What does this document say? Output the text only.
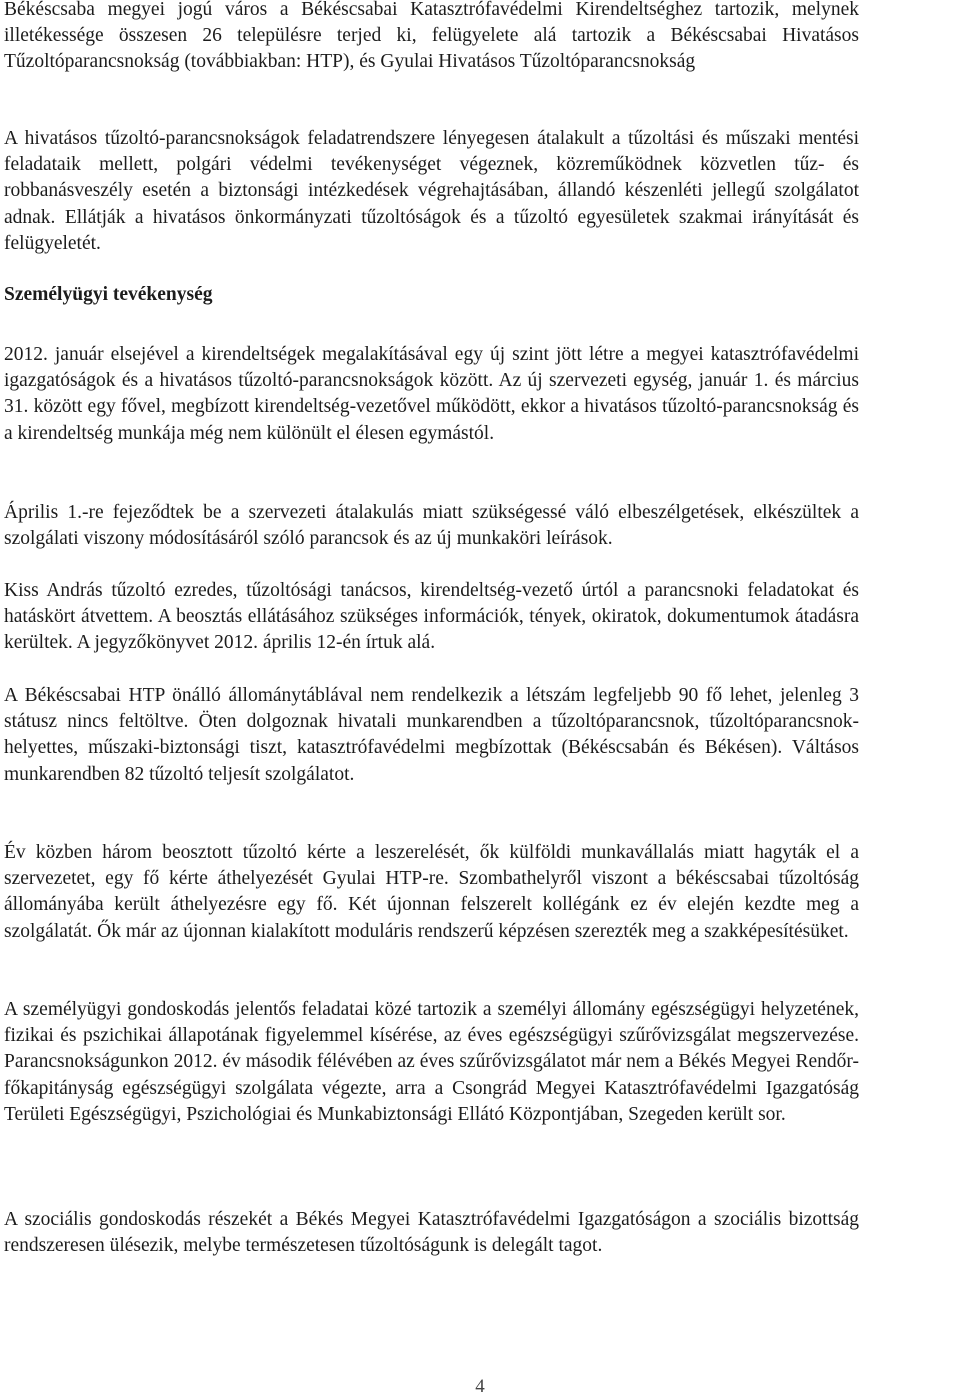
Békéscsaba megyei jogú város a Békéscsabai Katasztrófavédelmi Kirendeltséghez tartozik, melynek illetékessége összesen 26 településre terjed ki, felügyelete alá tartozik a Békéscsabai Hivatásos Tűzoltóparancsnokság (továbbiakban: HTP), és Gyulai Hivatásos Tűzoltóparancsnokság

A hivatásos tűzoltó-parancsnokságok feladatrendszere lényegesen átalakult a tűzoltási és műszaki mentési feladataik mellett, polgári védelmi tevékenységet végeznek, közreműködnek közvetlen tűz- és robbanásveszély esetén a biztonsági intézkedések végrehajtásában, állandó készenléti jellegű szolgálatot adnak. Ellátják a hivatásos önkormányzati tűzoltóságok és a tűzoltó egyesületek szakmai irányítását és felügyeletét.

Személyügyi tevékenység

2012. január elsejével a kirendeltségek megalakításával egy új szint jött létre a megyei katasztrófavédelmi igazgatóságok és a hivatásos tűzoltó-parancsnokságok között. Az új szervezeti egység, január 1. és március 31. között egy fővel, megbízott kirendeltség-vezetővel működött, ekkor a hivatásos tűzoltó-parancsnokság és a kirendeltség munkája még nem különült el élesen egymástól.

Április 1.-re fejeződtek be a szervezeti átalakulás miatt szükségessé váló elbeszélgetések, elkészültek a szolgálati viszony módosításáról szóló parancsok és az új munkaköri leírások.

Kiss András tűzoltó ezredes, tűzoltósági tanácsos, kirendeltség-vezető úrtól a parancsnoki feladatokat és hatáskört átvettem. A beosztás ellátásához szükséges információk, tények, okiratok, dokumentumok átadásra kerültek. A jegyzőkönyvet 2012. április 12-én írtuk alá.

A Békéscsabai HTP önálló állománytáblával nem rendelkezik a létszám legfeljebb 90 fő lehet, jelenleg 3 státusz nincs feltöltve. Öten dolgoznak hivatali munkarendben a tűzoltóparancsnok, tűzoltóparancsnok-helyettes, műszaki-biztonsági tiszt, katasztrófavédelmi megbízottak (Békéscsabán és Békésen). Váltásos munkarendben 82 tűzoltó teljesít szolgálatot.

Év közben három beosztott tűzoltó kérte a leszerelését, ők külföldi munkavállalás miatt hagyták el a szervezetet, egy fő kérte áthelyezését Gyulai HTP-re. Szombathelyről viszont a békéscsabai tűzoltóság állományába került áthelyezésre egy fő. Két újonnan felszerelt kollégánk ez év elején kezdte meg a szolgálatát. Ők már az újonnan kialakított moduláris rendszerű képzésen szerezték meg a szakképesítésüket.

A személyügyi gondoskodás jelentős feladatai közé tartozik a személyi állomány egészségügyi helyzetének, fizikai és pszichikai állapotának figyelemmel kísérése, az éves egészségügyi szűrővizsgálat megszervezése. Parancsnokságunkon 2012. év második félévében az éves szűrővizsgálatot már nem a Békés Megyei Rendőr-főkapitányság egészségügyi szolgálata végezte, arra a Csongrád Megyei Katasztrófavédelmi Igazgatóság Területi Egészségügyi, Pszichológiai és Munkabiztonsági Ellátó Központjában, Szegeden került sor.

A szociális gondoskodás részekét a Békés Megyei Katasztrófavédelmi Igazgatóságon a szociális bizottság rendszeresen ülésezik, melybe természetesen tűzoltóságunk is delegált tagot.

4
